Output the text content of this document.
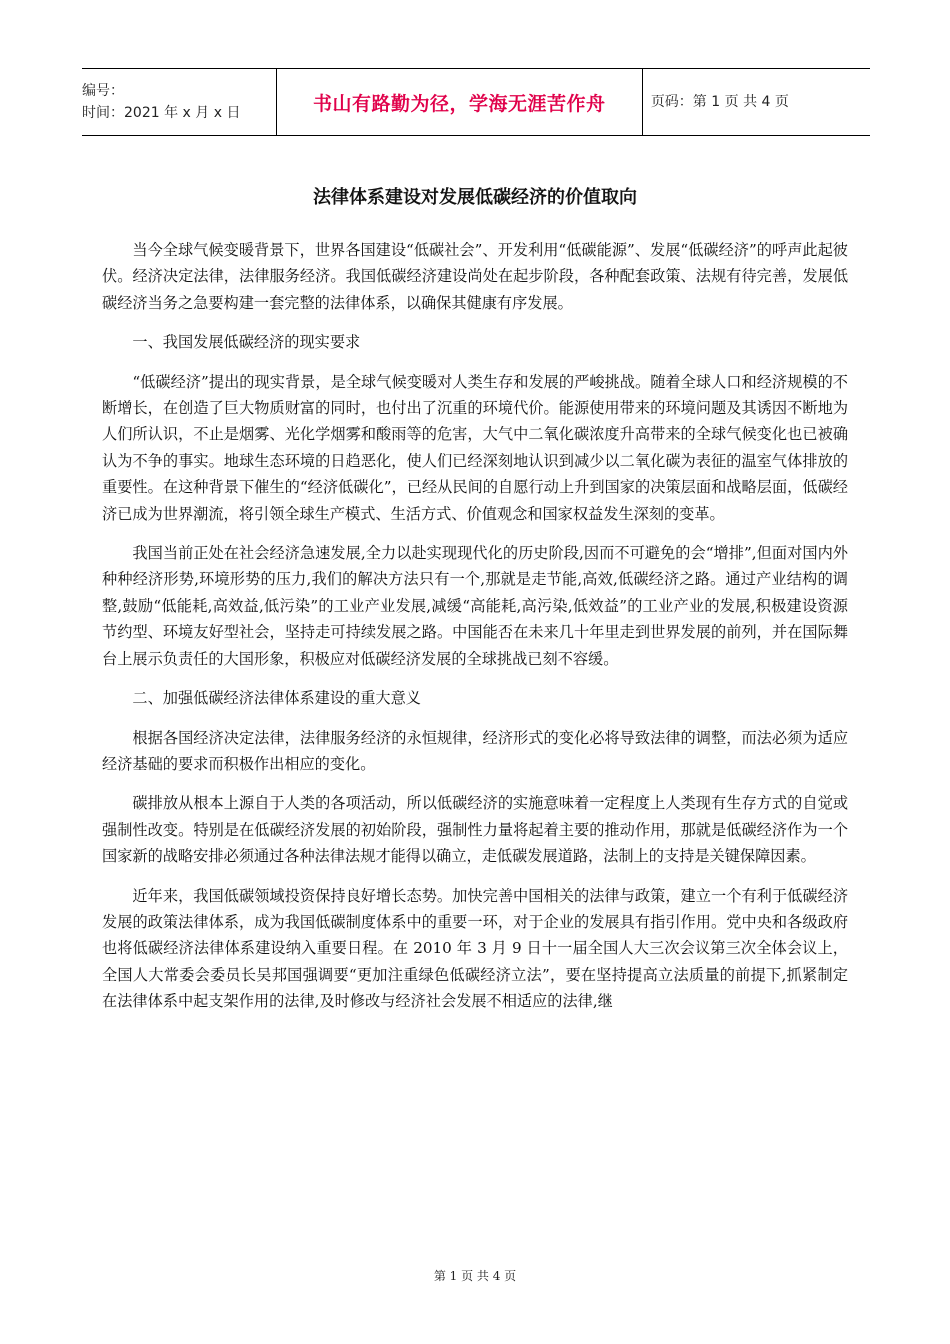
编号：
时间：2021 年 x 月 x 日	书山有路勤为径，学海无涯苦作舟	页码：第 1 页 共 4 页
法律体系建设对发展低碳经济的价值取向

当今全球气候变暖背景下，世界各国建设“低碳社会”、开发利用“低碳能源”、发展“低碳经济”的呼声此起彼伏。经济决定法律，法律服务经济。我国低碳经济建设尚处在起步阶段，各种配套政策、法规有待完善，发展低碳经济当务之急要构建一套完整的法律体系，以确保其健康有序发展。

一、我国发展低碳经济的现实要求

“低碳经济”提出的现实背景，是全球气候变暖对人类生存和发展的严峻挑战。随着全球人口和经济规模的不断增长，在创造了巨大物质财富的同时，也付出了沉重的环境代价。能源使用带来的环境问题及其诱因不断地为人们所认识，不止是烟雾、光化学烟雾和酸雨等的危害，大气中二氧化碳浓度升高带来的全球气候变化也已被确认为不争的事实。地球生态环境的日趋恶化，使人们已经深刻地认识到减少以二氧化碳为表征的温室气体排放的重要性。在这种背景下催生的“经济低碳化”，已经从民间的自愿行动上升到国家的决策层面和战略层面，低碳经济已成为世界潮流，将引领全球生产模式、生活方式、价值观念和国家权益发生深刻的变革。

我国当前正处在社会经济急速发展,全力以赴实现现代化的历史阶段,因而不可避免的会“增排”,但面对国内外种种经济形势,环境形势的压力,我们的解决方法只有一个,那就是走节能,高效,低碳经济之路。通过产业结构的调整,鼓励“低能耗,高效益,低污染”的工业产业发展,减缓“高能耗,高污染,低效益”的工业产业的发展,积极建设资源节约型、环境友好型社会，坚持走可持续发展之路。中国能否在未来几十年里走到世界发展的前列，并在国际舞台上展示负责任的大国形象，积极应对低碳经济发展的全球挑战已刻不容缓。

二、加强低碳经济法律体系建设的重大意义

根据各国经济决定法律，法律服务经济的永恒规律，经济形式的变化必将导致法律的调整，而法必须为适应经济基础的要求而积极作出相应的变化。

碳排放从根本上源自于人类的各项活动，所以低碳经济的实施意味着一定程度上人类现有生存方式的自觉或强制性改变。特别是在低碳经济发展的初始阶段，强制性力量将起着主要的推动作用，那就是低碳经济作为一个国家新的战略安排必须通过各种法律法规才能得以确立，走低碳发展道路，法制上的支持是关键保障因素。

近年来，我国低碳领域投资保持良好增长态势。加快完善中国相关的法律与政策，建立一个有利于低碳经济发展的政策法律体系，成为我国低碳制度体系中的重要一环，对于企业的发展具有指引作用。党中央和各级政府也将低碳经济法律体系建设纳入重要日程。在 2010 年 3 月 9 日十一届全国人大三次会议第三次全体会议上，全国人大常委会委员长吴邦国强调要“更加注重绿色低碳经济立法”，要在坚持提高立法质量的前提下,抓紧制定在法律体系中起支架作用的法律,及时修改与经济社会发展不相适应的法律,继

第 1 页 共 4 页
